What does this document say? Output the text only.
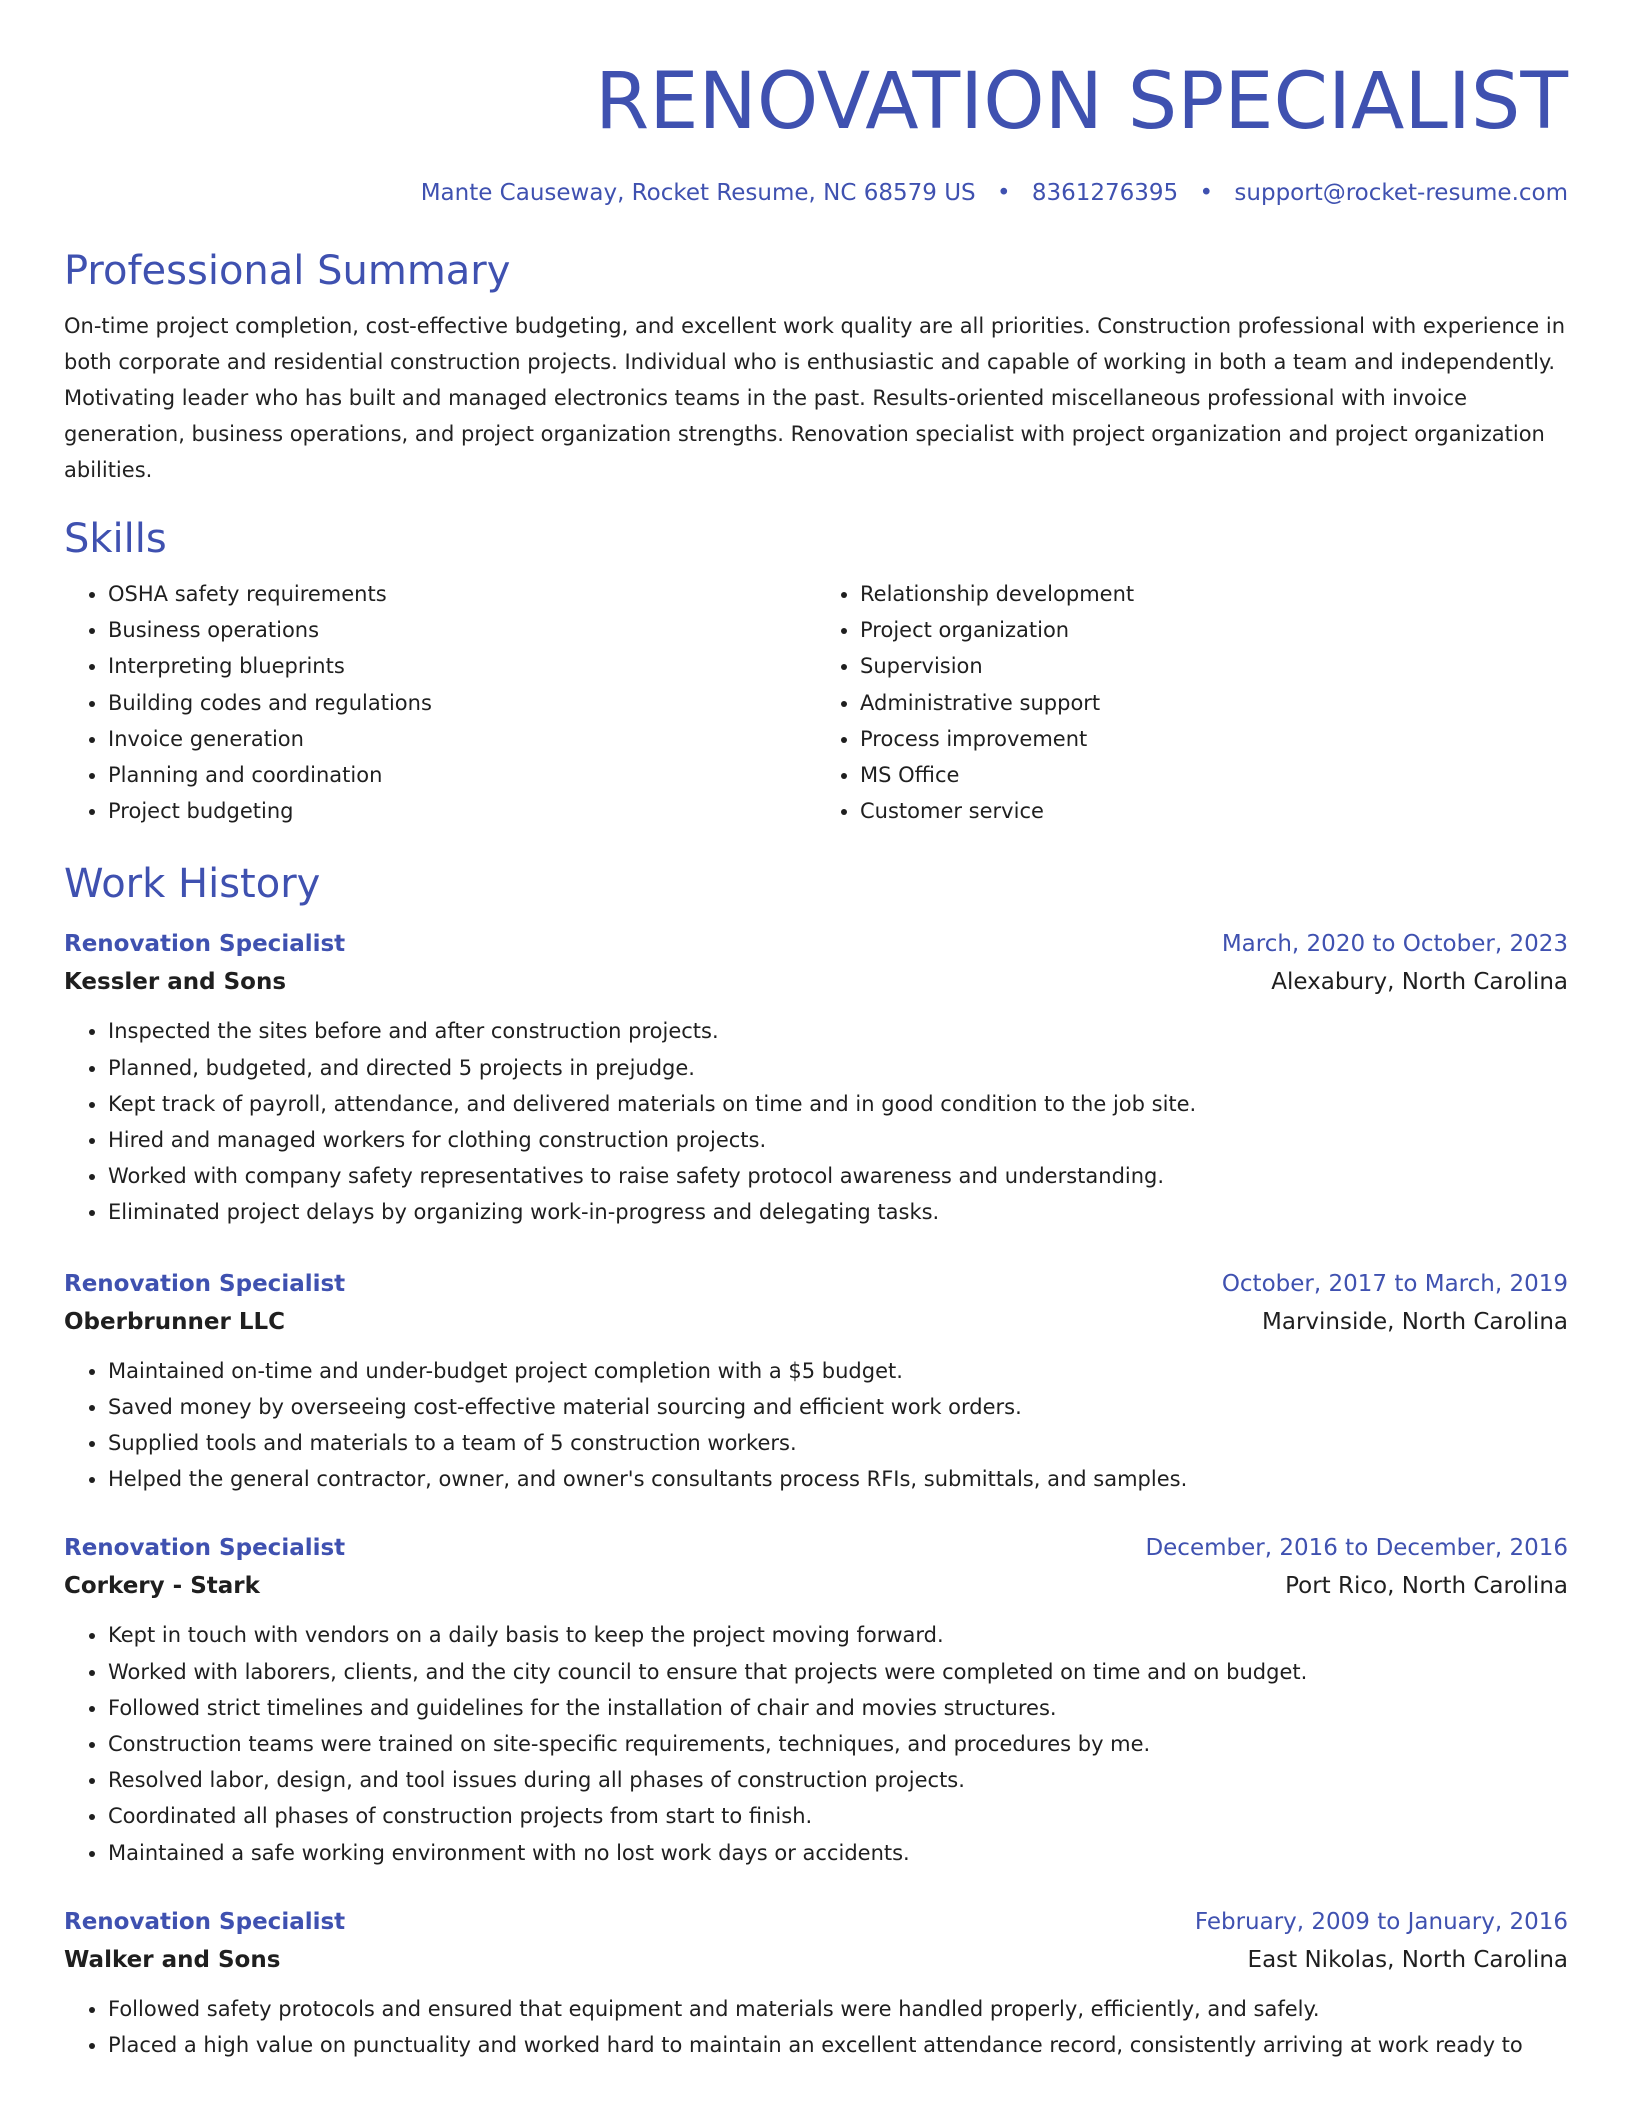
RENOVATION SPECIALIST
Mante Causeway, Rocket Resume, NC 68579 US • 8361276395 • support@rocket-resume.com
Professional Summary
On-time project completion, cost-effective budgeting, and excellent work quality are all priorities. Construction professional with experience in both corporate and residential construction projects. Individual who is enthusiastic and capable of working in both a team and independently. Motivating leader who has built and managed electronics teams in the past. Results-oriented miscellaneous professional with invoice generation, business operations, and project organization strengths. Renovation specialist with project organization and project organization abilities.
Skills
• OSHA safety requirements
• Business operations
• Interpreting blueprints
• Building codes and regulations
• Invoice generation
• Planning and coordination
• Project budgeting
• Relationship development
• Project organization
• Supervision
• Administrative support
• Process improvement
• MS Office
• Customer service
Work History
Renovation Specialist	March, 2020 to October, 2023
Kessler and Sons	Alexabury, North Carolina
• Inspected the sites before and after construction projects.
• Planned, budgeted, and directed 5 projects in prejudge.
• Kept track of payroll, attendance, and delivered materials on time and in good condition to the job site.
• Hired and managed workers for clothing construction projects.
• Worked with company safety representatives to raise safety protocol awareness and understanding.
• Eliminated project delays by organizing work-in-progress and delegating tasks.
Renovation Specialist	October, 2017 to March, 2019
Oberbrunner LLC	Marvinside, North Carolina
• Maintained on-time and under-budget project completion with a $5 budget.
• Saved money by overseeing cost-effective material sourcing and efficient work orders.
• Supplied tools and materials to a team of 5 construction workers.
• Helped the general contractor, owner, and owner's consultants process RFIs, submittals, and samples.
Renovation Specialist	December, 2016 to December, 2016
Corkery - Stark	Port Rico, North Carolina
• Kept in touch with vendors on a daily basis to keep the project moving forward.
• Worked with laborers, clients, and the city council to ensure that projects were completed on time and on budget.
• Followed strict timelines and guidelines for the installation of chair and movies structures.
• Construction teams were trained on site-specific requirements, techniques, and procedures by me.
• Resolved labor, design, and tool issues during all phases of construction projects.
• Coordinated all phases of construction projects from start to finish.
• Maintained a safe working environment with no lost work days or accidents.
Renovation Specialist	February, 2009 to January, 2016
Walker and Sons	East Nikolas, North Carolina
• Followed safety protocols and ensured that equipment and materials were handled properly, efficiently, and safely.
• Placed a high value on punctuality and worked hard to maintain an excellent attendance record, consistently arriving at work ready to
